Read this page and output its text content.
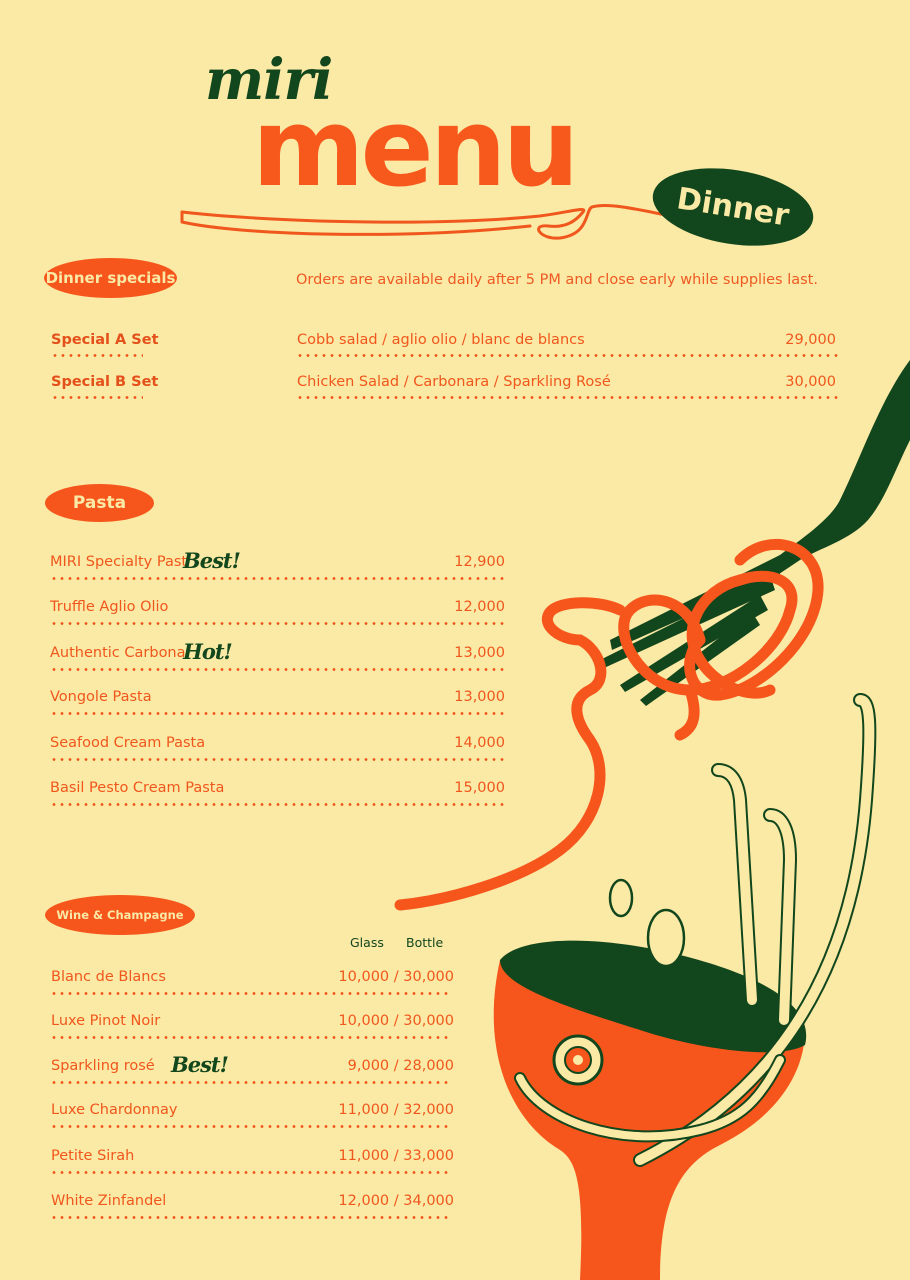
miri
menu	Dinner
Dinner specials	Orders are available daily after 5 PM and close early while supplies last.
Special A Set	Cobb salad / aglio olio / blanc de blancs	29,000
Special B Set	Chicken Salad / Carbonara / Sparkling Rosé	30,000
Pasta
MIRI Specialty Past	12,900
Best!
Truffle Aglio Olio	12,000
Authentic Carbona	13,000
Hot!
Vongole Pasta	13,000
Seafood Cream Pasta	14,000
Basil Pesto Cream Pasta	15,000
Wine & Champagne
Glass Bottle
Blanc de Blancs	10,000 / 30,000
Luxe Pinot Noir	10,000 / 30,000
Sparkling rosé	9,000 / 28,000
Best!
Luxe Chardonnay	11,000 / 32,000
Petite Sirah	11,000 / 33,000
White Zinfandel	12,000 / 34,000
